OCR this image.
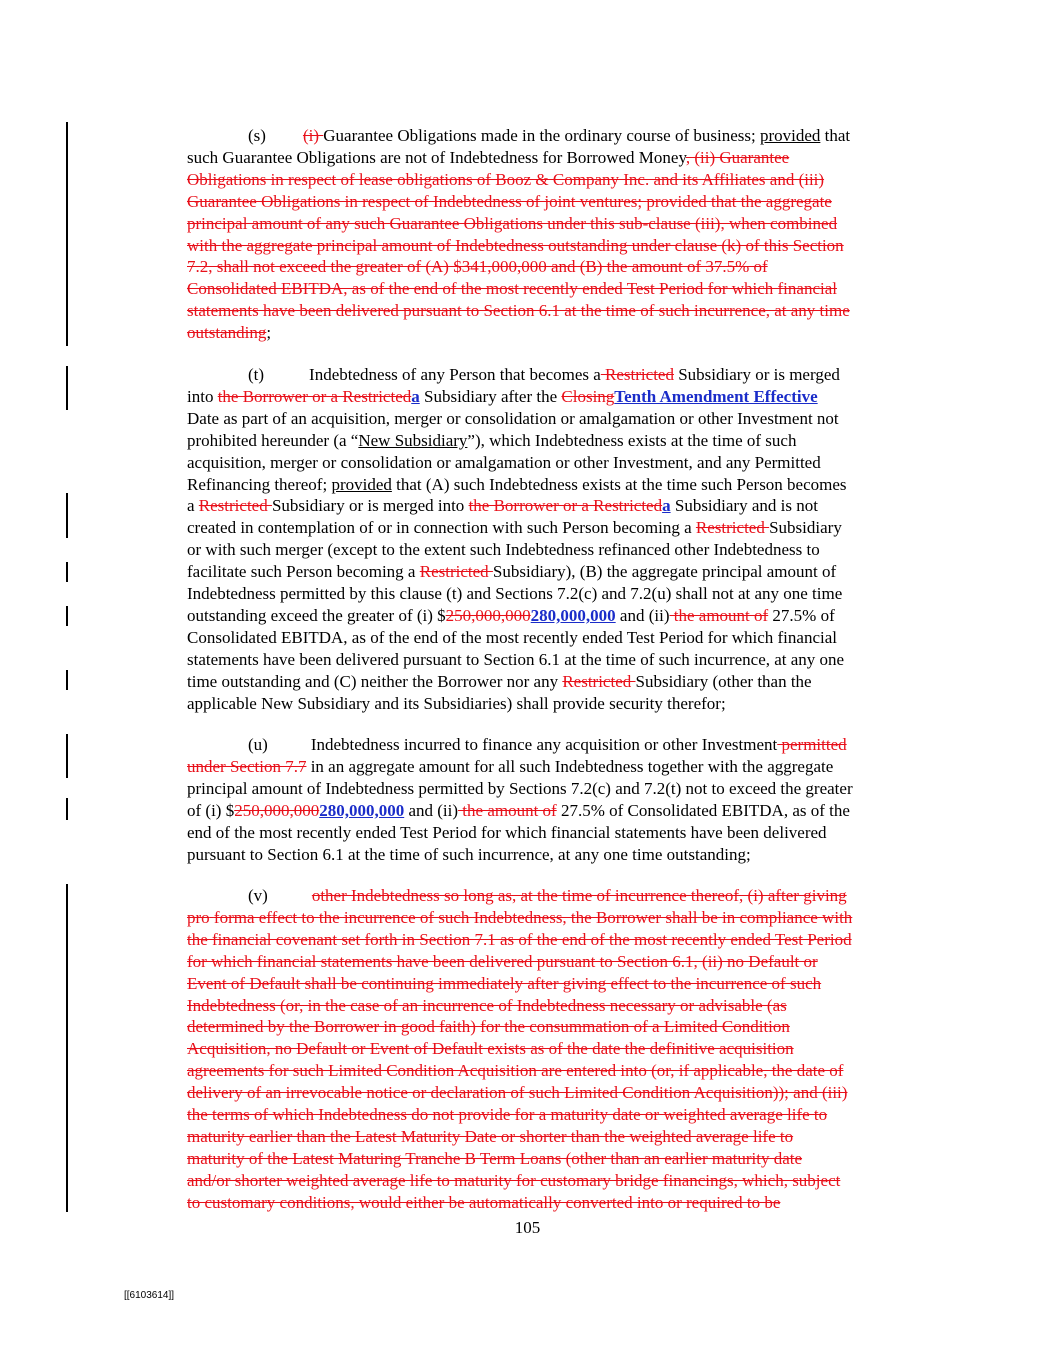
(s) (i) Guarantee Obligations made in the ordinary course of business; provided that
such Guarantee Obligations are not of Indebtedness for Borrowed Money, (ii) Guarantee
Obligations in respect of lease obligations of Booz & Company Inc. and its Affiliates and (iii)
Guarantee Obligations in respect of Indebtedness of joint ventures; provided that the aggregate
principal amount of any such Guarantee Obligations under this sub-clause (iii), when combined
with the aggregate principal amount of Indebtedness outstanding under clause (k) of this Section
7.2, shall not exceed the greater of (A) $341,000,000 and (B) the amount of 37.5% of
Consolidated EBITDA, as of the end of the most recently ended Test Period for which financial
statements have been delivered pursuant to Section 6.1 at the time of such incurrence, at any time
outstanding;
(t)	Indebtedness of any Person that becomes a Restricted Subsidiary or is merged
into the Borrower or a Restricteda Subsidiary after the ClosingTenth Amendment Effective
Date as part of an acquisition, merger or consolidation or amalgamation or other Investment not
prohibited hereunder (a “New Subsidiary”), which Indebtedness exists at the time of such
acquisition, merger or consolidation or amalgamation or other Investment, and any Permitted
Refinancing thereof; provided that (A) such Indebtedness exists at the time such Person becomes
a Restricted Subsidiary or is merged into the Borrower or a Restricteda Subsidiary and is not
created in contemplation of or in connection with such Person becoming a Restricted Subsidiary
or with such merger (except to the extent such Indebtedness refinanced other Indebtedness to
facilitate such Person becoming a Restricted Subsidiary), (B) the aggregate principal amount of
Indebtedness permitted by this clause (t) and Sections 7.2(c) and 7.2(u) shall not at any one time
outstanding exceed the greater of (i) $250,000,000280,000,000 and (ii) the amount of 27.5% of
Consolidated EBITDA, as of the end of the most recently ended Test Period for which financial
statements have been delivered pursuant to Section 6.1 at the time of such incurrence, at any one
time outstanding and (C) neither the Borrower nor any Restricted Subsidiary (other than the
applicable New Subsidiary and its Subsidiaries) shall provide security therefor;
(u)	Indebtedness incurred to finance any acquisition or other Investment permitted
under Section 7.7 in an aggregate amount for all such Indebtedness together with the aggregate
principal amount of Indebtedness permitted by Sections 7.2(c) and 7.2(t) not to exceed the greater
of (i) $250,000,000280,000,000 and (ii) the amount of 27.5% of Consolidated EBITDA, as of the
end of the most recently ended Test Period for which financial statements have been delivered
pursuant to Section 6.1 at the time of such incurrence, at any one time outstanding;
(v)	other Indebtedness so long as, at the time of incurrence thereof, (i) after giving
pro forma effect to the incurrence of such Indebtedness, the Borrower shall be in compliance with
the financial covenant set forth in Section 7.1 as of the end of the most recently ended Test Period
for which financial statements have been delivered pursuant to Section 6.1, (ii) no Default or
Event of Default shall be continuing immediately after giving effect to the incurrence of such
Indebtedness (or, in the case of an incurrence of Indebtedness necessary or advisable (as
determined by the Borrower in good faith) for the consummation of a Limited Condition
Acquisition, no Default or Event of Default exists as of the date the definitive acquisition
agreements for such Limited Condition Acquisition are entered into (or, if applicable, the date of
delivery of an irrevocable notice or declaration of such Limited Condition Acquisition)); and (iii)
the terms of which Indebtedness do not provide for a maturity date or weighted average life to
maturity earlier than the Latest Maturity Date or shorter than the weighted average life to
maturity of the Latest Maturing Tranche B Term Loans (other than an earlier maturity date
and/or shorter weighted average life to maturity for customary bridge financings, which, subject
to customary conditions, would either be automatically converted into or required to be
105
[[6103614]]
